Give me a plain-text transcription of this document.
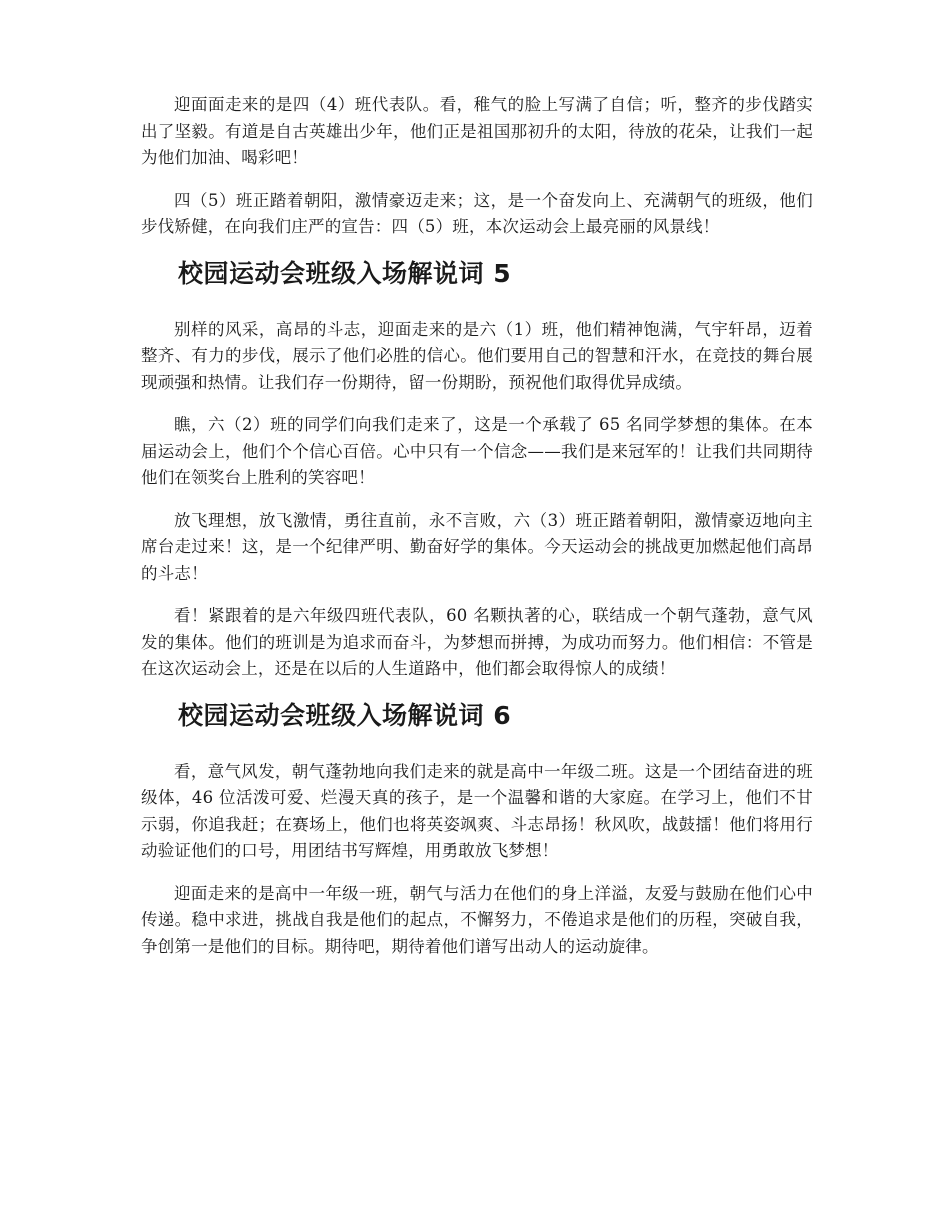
迎面面走来的是四（4）班代表队。看，稚气的脸上写满了自信；听，整齐的步伐踏实出了坚毅。有道是自古英雄出少年，他们正是祖国那初升的太阳，待放的花朵，让我们一起为他们加油、喝彩吧！

四（5）班正踏着朝阳，激情豪迈走来；这，是一个奋发向上、充满朝气的班级，他们步伐矫健，在向我们庄严的宣告：四（5）班，本次运动会上最亮丽的风景线！

校园运动会班级入场解说词 5

别样的风采，高昂的斗志，迎面走来的是六（1）班，他们精神饱满，气宇轩昂，迈着整齐、有力的步伐，展示了他们必胜的信心。他们要用自己的智慧和汗水，在竞技的舞台展现顽强和热情。让我们存一份期待，留一份期盼，预祝他们取得优异成绩。

瞧，六（2）班的同学们向我们走来了，这是一个承载了 65 名同学梦想的集体。在本届运动会上，他们个个信心百倍。心中只有一个信念——我们是来冠军的！让我们共同期待他们在领奖台上胜利的笑容吧！

放飞理想，放飞激情，勇往直前，永不言败，六（3）班正踏着朝阳，激情豪迈地向主席台走过来！这，是一个纪律严明、勤奋好学的集体。今天运动会的挑战更加燃起他们高昂的斗志！

看！紧跟着的是六年级四班代表队，60 名颗执著的心，联结成一个朝气蓬勃，意气风发的集体。他们的班训是为追求而奋斗，为梦想而拼搏，为成功而努力。他们相信：不管是在这次运动会上，还是在以后的人生道路中，他们都会取得惊人的成绩！

校园运动会班级入场解说词 6

看，意气风发，朝气蓬勃地向我们走来的就是高中一年级二班。这是一个团结奋进的班级体，46 位活泼可爱、烂漫天真的孩子，是一个温馨和谐的大家庭。在学习上，他们不甘示弱，你追我赶；在赛场上，他们也将英姿飒爽、斗志昂扬！秋风吹，战鼓擂！他们将用行动验证他们的口号，用团结书写辉煌，用勇敢放飞梦想！

迎面走来的是高中一年级一班，朝气与活力在他们的身上洋溢，友爱与鼓励在他们心中传递。稳中求进，挑战自我是他们的起点，不懈努力，不倦追求是他们的历程，突破自我，争创第一是他们的目标。期待吧，期待着他们谱写出动人的运动旋律。
